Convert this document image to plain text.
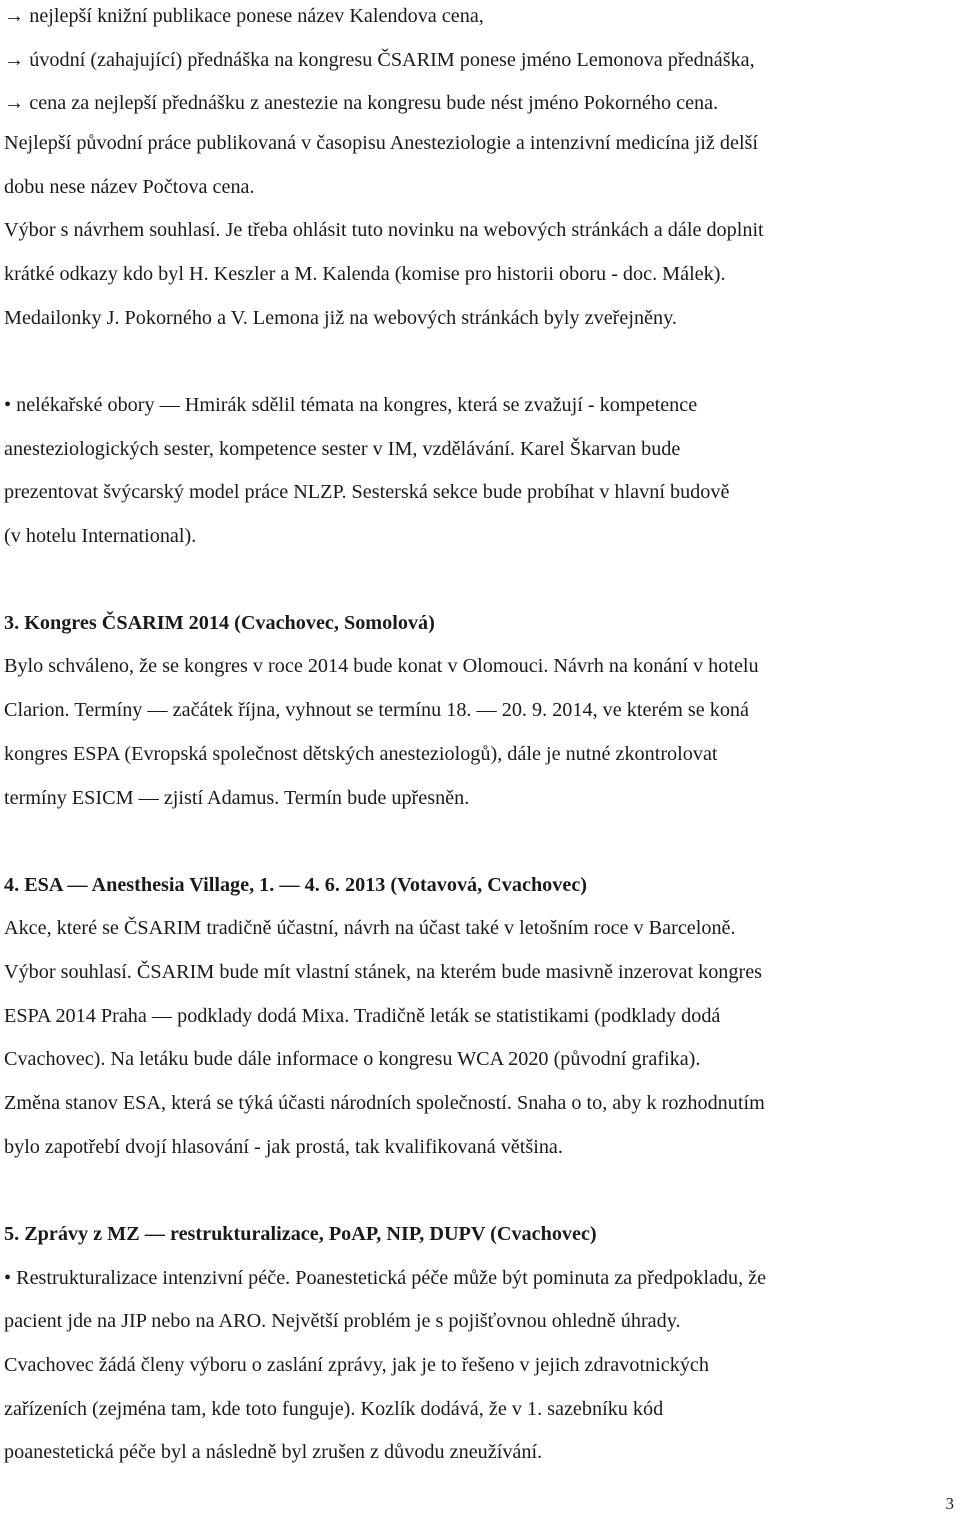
→ nejlepší knižní publikace ponese název Kalendova cena,
→ úvodní (zahajující) přednáška na kongresu ČSARIM ponese jméno Lemonova přednáška,
→ cena za nejlepší přednášku z anestezie na kongresu bude nést jméno Pokorného cena.
Nejlepší původní práce publikovaná v časopisu Anesteziologie a intenzivní medicína již delší
dobu nese název Počtova cena.
Výbor s návrhem souhlasí. Je třeba ohlásit tuto novinku na webových stránkách a dále doplnit
krátké odkazy kdo byl H. Keszler a M. Kalenda (komise pro historii oboru - doc. Málek).
Medailonky J. Pokorného a V. Lemona již na webových stránkách byly zveřejněny.
• nelékařské obory — Hmirák sdělil témata na kongres, která se zvažují - kompetence
anesteziologických sester, kompetence sester v IM, vzdělávání. Karel Škarvan bude
prezentovat švýcarský model práce NLZP. Sesterská sekce bude probíhat v hlavní budově
(v hotelu International).
3. Kongres ČSARIM 2014 (Cvachovec, Somolová)
Bylo schváleno, že se kongres v roce 2014 bude konat v Olomouci. Návrh na konání v hotelu
Clarion. Termíny — začátek října, vyhnout se termínu 18. — 20. 9. 2014, ve kterém se koná
kongres ESPA (Evropská společnost dětských anesteziologů), dále je nutné zkontrolovat
termíny ESICM — zjistí Adamus. Termín bude upřesněn.
4. ESA — Anesthesia Village, 1. — 4. 6. 2013 (Votavová, Cvachovec)
Akce, které se ČSARIM tradičně účastní, návrh na účast také v letošním roce v Barceloně.
Výbor souhlasí. ČSARIM bude mít vlastní stánek, na kterém bude masivně inzerovat kongres
ESPA 2014 Praha — podklady dodá Mixa. Tradičně leták se statistikami (podklady dodá
Cvachovec). Na letáku bude dále informace o kongresu WCA 2020 (původní grafika).
Změna stanov ESA, která se týká účasti národních společností. Snaha o to, aby k rozhodnutím
bylo zapotřebí dvojí hlasování - jak prostá, tak kvalifikovaná většina.
5. Zprávy z MZ — restrukturalizace, PoAP, NIP, DUPV (Cvachovec)
• Restrukturalizace intenzivní péče. Poanestetická péče může být pominuta za předpokladu, že
pacient jde na JIP nebo na ARO. Největší problém je s pojišťovnou ohledně úhrady.
Cvachovec žádá členy výboru o zaslání zprávy, jak je to řešeno v jejich zdravotnických
zařízeních (zejména tam, kde toto funguje). Kozlík dodává, že v 1. sazebníku kód
poanestetická péče byl a následně byl zrušen z důvodu zneužívání.
3
